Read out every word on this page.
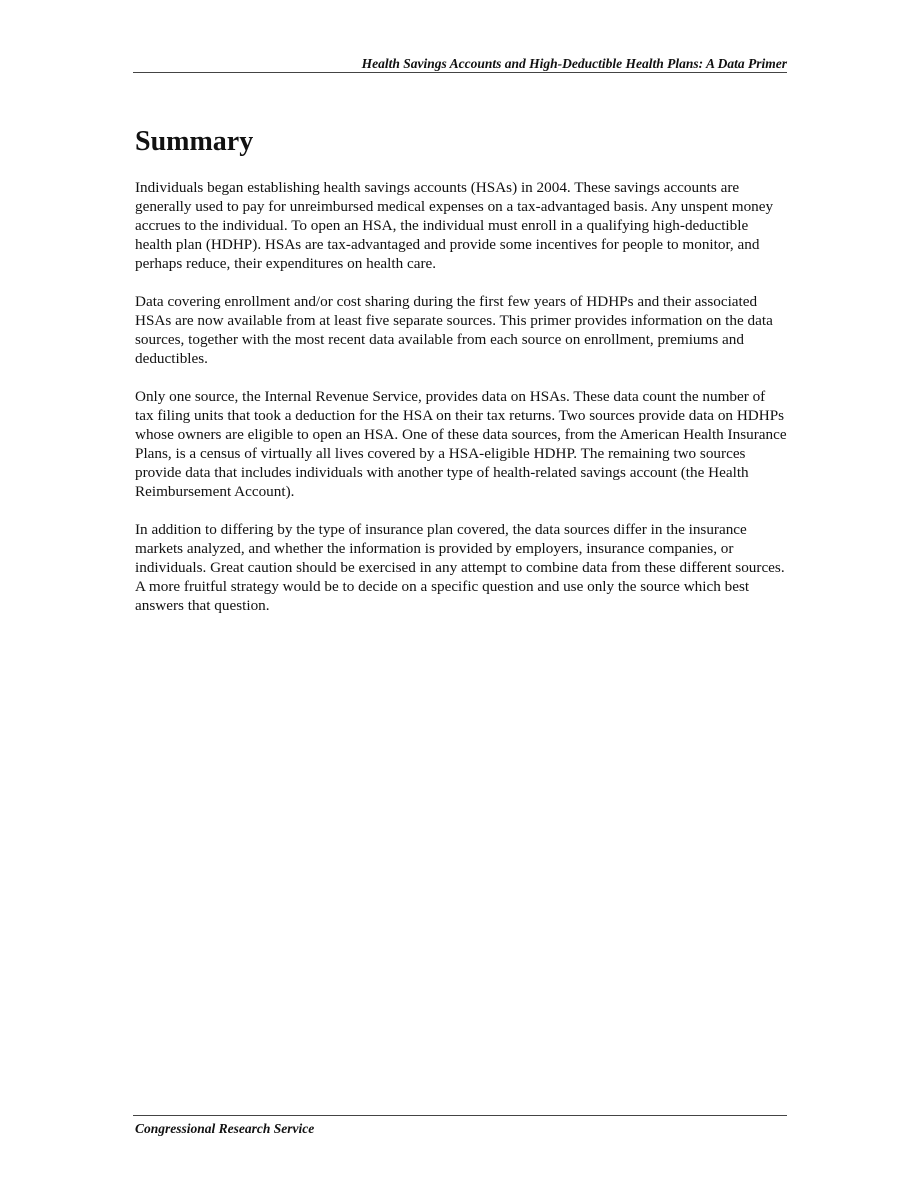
Health Savings Accounts and High-Deductible Health Plans: A Data Primer
Summary

Individuals began establishing health savings accounts (HSAs) in 2004. These savings accounts are generally used to pay for unreimbursed medical expenses on a tax-advantaged basis. Any unspent money accrues to the individual. To open an HSA, the individual must enroll in a qualifying high-deductible health plan (HDHP). HSAs are tax-advantaged and provide some incentives for people to monitor, and perhaps reduce, their expenditures on health care.

Data covering enrollment and/or cost sharing during the first few years of HDHPs and their associated HSAs are now available from at least five separate sources. This primer provides information on the data sources, together with the most recent data available from each source on enrollment, premiums and deductibles.

Only one source, the Internal Revenue Service, provides data on HSAs. These data count the number of tax filing units that took a deduction for the HSA on their tax returns. Two sources provide data on HDHPs whose owners are eligible to open an HSA. One of these data sources, from the American Health Insurance Plans, is a census of virtually all lives covered by a HSA-eligible HDHP. The remaining two sources provide data that includes individuals with another type of health-related savings account (the Health Reimbursement Account).

In addition to differing by the type of insurance plan covered, the data sources differ in the insurance markets analyzed, and whether the information is provided by employers, insurance companies, or individuals. Great caution should be exercised in any attempt to combine data from these different sources. A more fruitful strategy would be to decide on a specific question and use only the source which best answers that question.

Congressional Research Service
